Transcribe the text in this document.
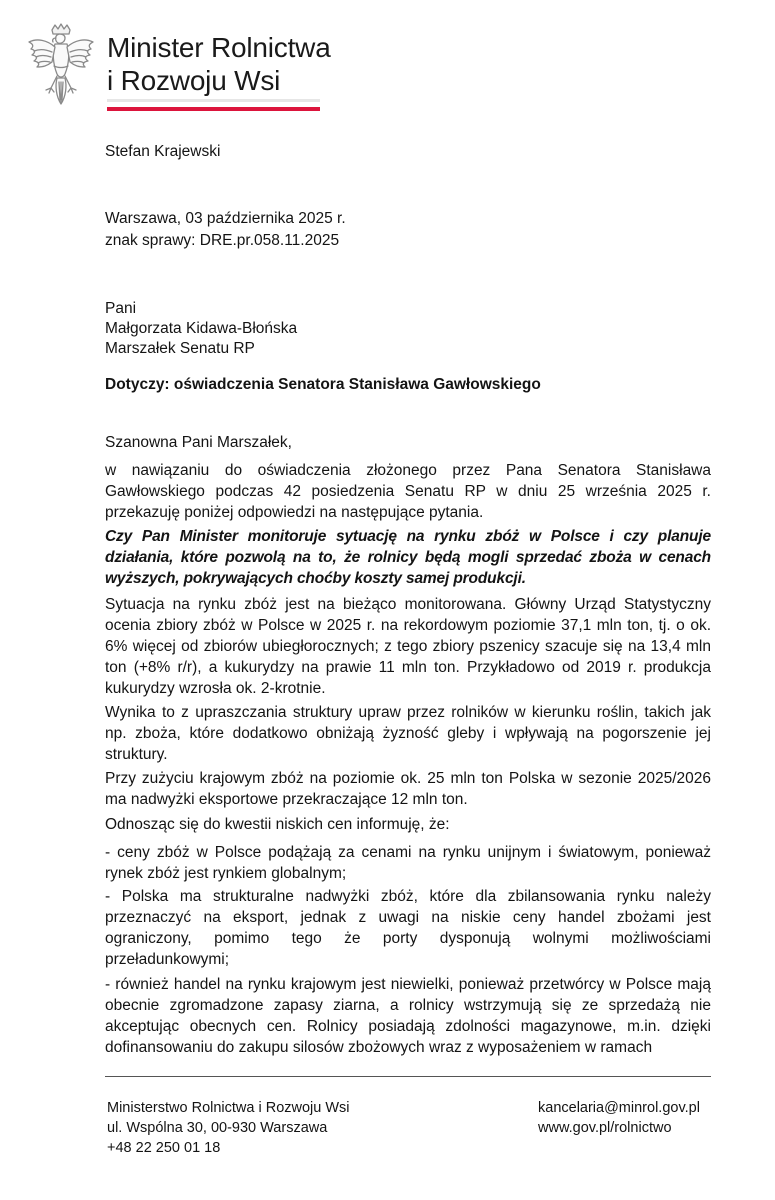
Minister Rolnictwa
i Rozwoju Wsi
Stefan Krajewski
Warszawa, 03 października 2025 r.
znak sprawy: DRE.pr.058.11.2025
Pani
Małgorzata Kidawa-Błońska
Marszałek Senatu RP
Dotyczy: oświadczenia Senatora Stanisława Gawłowskiego
Szanowna Pani Marszałek,
w nawiązaniu do oświadczenia złożonego przez Pana Senatora Stanisława Gawłowskiego podczas 42 posiedzenia Senatu RP w dniu 25 września 2025 r. przekazuję poniżej odpowiedzi na następujące pytania.
Czy Pan Minister monitoruje sytuację na rynku zbóż w Polsce i czy planuje działania, które pozwolą na to, że rolnicy będą mogli sprzedać zboża w cenach wyższych, pokrywających choćby koszty samej produkcji.
Sytuacja na rynku zbóż jest na bieżąco monitorowana. Główny Urząd Statystyczny ocenia zbiory zbóż w Polsce w 2025 r. na rekordowym poziomie 37,1 mln ton, tj. o ok. 6% więcej od zbiorów ubiegłorocznych; z tego zbiory pszenicy szacuje się na 13,4 mln ton (+8% r/r), a kukurydzy na prawie 11 mln ton. Przykładowo od 2019 r. produkcja kukurydzy wzrosła ok. 2-krotnie.
Wynika to z upraszczania struktury upraw przez rolników w kierunku roślin, takich jak np. zboża, które dodatkowo obniżają żyzność gleby i wpływają na pogorszenie jej struktury.
Przy zużyciu krajowym zbóż na poziomie ok. 25 mln ton Polska w sezonie 2025/2026 ma nadwyżki eksportowe przekraczające 12 mln ton.
Odnosząc się do kwestii niskich cen informuję, że:
- ceny zbóż w Polsce podążają za cenami na rynku unijnym i światowym, ponieważ rynek zbóż jest rynkiem globalnym;
- Polska ma strukturalne nadwyżki zbóż, które dla zbilansowania rynku należy przeznaczyć na eksport, jednak z uwagi na niskie ceny handel zbożami jest ograniczony, pomimo tego że porty dysponują wolnymi możliwościami przeładunkowymi;
- również handel na rynku krajowym jest niewielki, ponieważ przetwórcy w Polsce mają obecnie zgromadzone zapasy ziarna, a rolnicy wstrzymują się ze sprzedażą nie akceptując obecnych cen. Rolnicy posiadają zdolności magazynowe, m.in. dzięki dofinansowaniu do zakupu silosów zbożowych wraz z wyposażeniem w ramach
Ministerstwo Rolnictwa i Rozwoju Wsi
ul. Wspólna 30, 00-930 Warszawa
+48 22 250 01 18
kancelaria@minrol.gov.pl
www.gov.pl/rolnictwo
